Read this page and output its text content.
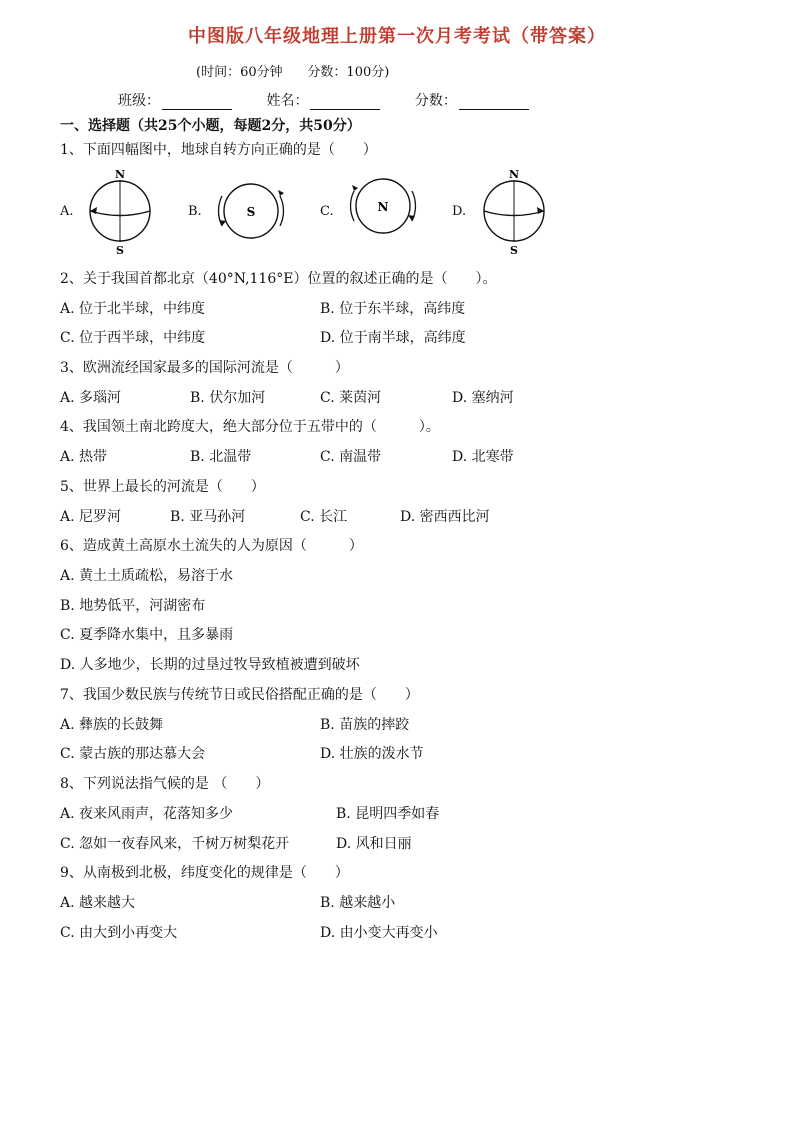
中图版八年级地理上册第一次月考考试（带答案）
(时间：60分钟 分数：100分)
班级：	姓名：	分数：
一、选择题（共25个小题，每题2分，共50分）
1、下面四幅图中，地球自转方向正确的是（　　）
A.
N
S
B.	S	C.	N	D.
N
S
2、关于我国首都北京（40°N,116°E）位置的叙述正确的是（　　）。
A. 位于北半球，中纬度	B. 位于东半球，高纬度
C. 位于西半球，中纬度	D. 位于南半球，高纬度
3、欧洲流经国家最多的国际河流是（　　　）
A. 多瑙河	B. 伏尔加河	C. 莱茵河	D. 塞纳河
4、我国领土南北跨度大，绝大部分位于五带中的（　　　）。
A. 热带	B. 北温带	C. 南温带	D. 北寒带
5、世界上最长的河流是（　　）
A. 尼罗河	B. 亚马孙河	C. 长江	D. 密西西比河
6、造成黄土高原水土流失的人为原因（　　　）
A. 黄土土质疏松，易溶于水
B. 地势低平，河湖密布
C. 夏季降水集中，且多暴雨
D. 人多地少，长期的过垦过牧导致植被遭到破坏
7、我国少数民族与传统节日或民俗搭配正确的是（　　）
A. 彝族的长鼓舞	B. 苗族的摔跤
C. 蒙古族的那达慕大会	D. 壮族的泼水节
8、下列说法指气候的是 （　　）
A. 夜来风雨声，花落知多少	B. 昆明四季如春
C. 忽如一夜春风来，千树万树梨花开	D. 风和日丽
9、从南极到北极，纬度变化的规律是（　　）
A. 越来越大	B. 越来越小
C. 由大到小再变大	D. 由小变大再变小
